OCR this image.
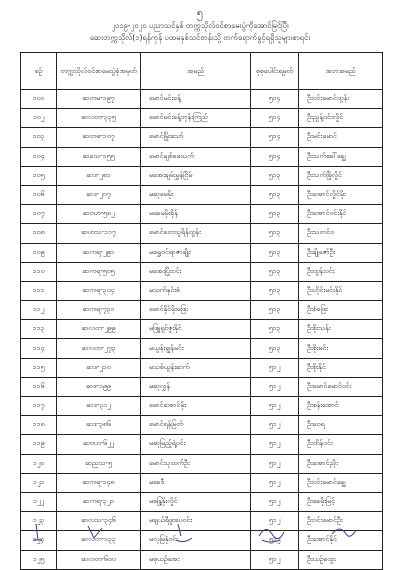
၅
၂၀၁၉-၂၀၂၀ ပညာသင်နှစ် တက္ကသိုလ်ဝင်စာမေးပွဲကိုအောင်မြင်ပြီး
ဆေးတက္ကသိုလ်(၁)ရန်ကုန် ပထမနှစ်သင်တန်းသို့ တက်ရောက်ခွင့်ရရှိသူများစာရင်း
စဉ်	တက္ကသိုလ်ဝင်စာမေးပွဲခုံအမှတ်	အမည်	စုစုပေါင်းရမှတ်	အဘအမည်
၁၀၁	ဆတမ-၁၉၇	မောင်မင်းခန့်	၅၁၄	ဦးဝင်းမောင်ထွန်း
၁၀၂	ဆလတ-၃၃၅	မောင်မင်းခန့်ဘုန်းကြည်	၅၁၄	ဦးညွန့်ဝင်းလှိုင်
၁၀၃	ဆတဖ-၁၀၇	မောင်မြိုးသော်	၅၁၄	ဦးမင်းမောင်
၁၀၄	ဆခသ-၁၅၅	မောင်ချစ်ဖေသက်	၅၁၄	ဦးသက်ခေါ်ချွေ
၁၀၅	ဆဒ-၂၈၁	မအေးချမ်းမွှန်ငြိမ်	၅၁၃	ဦးသက်ဖြိုလှိုင်
၁၀၆	ဆဒ-၂၀၇	မဆုမေမိုး	၅၁၃	ဦးအောင်လှိုင်မိုး
၁၀၇	ဆဗဟ-၅၈၂	မခေမမိုးခိုန်	၅၁၃	ဦးအောင်ဝင်းနိုင်
၁၀၈	ဆဟသ-၁၁၇	မောင်တေသူရိန်ထွန်း	၅၁၃	ဦးသတင်ဝ
၁၀၉	ဆကရ-၂၉၁	မရွှေဝင်ရာဇာချိုး	၅၁၃	ဦးချိုဇော်ဦး
၁၁၀	ဆကရ-၅၀၅	မအေးပြိုးဝင်း	၅၁၃	ဦးထွန်းဝင်း
၁၁၁	ဆကရ-၃၀၄	မသက်နှင်းစံ	၅၁၃	ဦးဟိုင်းမင်းနိုင်
၁၁၂	ဆကရ-၇၃၁	မောင်နိုင်မိုးဖြေး	၅၁၃	ဦးစံဖြေး
၁၁၃	ဆလတ-၂၉၉	မဖြူရှင်ဇူးနိုင်	၅၁၃	ဦးစိုးသန်း
၁၁၄	ဆလတ-၂၇၃	မယွန်းချွန်မင်း	၅၁၃	ဦးစိုးမင်း
၁၁၅	ဆဒ-၂၁၀	မသစ်ယွန်းဆက်	၅၁၂	ဦးစိုးနိုင်
၁၁၆	ဆဒ-၁၉၉	မဆုလွှန်	၅၁၂	ဦးမောင်မောင်ဝင်း
၁၁၇	ဆဒ-၃၁၂	မောင်အောင်မိုး	၅၁၂	ဦးစန်းအောင်
၁၁၈	ဆဒ-၃၈၆	မောင်ရန်မြတ်	၅၁၂	ဦးဝေရ
၁၁၉	ဆဗဟ-၆၂၂	မဆုမြည့်ရဲ့ဝင်း	၅၁၂	ဦးထိန်ဝင်း
၁၂၀	ဆညသ-၅	မောင်သုထက်ဦး	၅၁၂	ဦးအောင်ညိုး
၁၂၁	ဆကရ-၁၄၈	မခေဒီ	၅၁၂	ဦးဝင်းမောင်ချွေ
၁၂၂	ဆကရ-၃၂၁	မစန္ဒြနိုးလှိုင်	၅၁၂	ဦးခေမိုးမြင့်
၁၂၃	ဆလသ-၃၄၆	မချယ်ရီဖူးပေဝင်း	၅၁၂	ဦးဝင်းမောင်ဦး
၁၂၄	ဆလတ-၁၃၃	မလှမြနုံဝင်း	၅၁၂	ဦးအောင်နိုင်
၁၂၅	ဆလတ-၆၀၀	မစုယဉ်အေး	၅၁၂	ဦးယဉ်ထွေး
